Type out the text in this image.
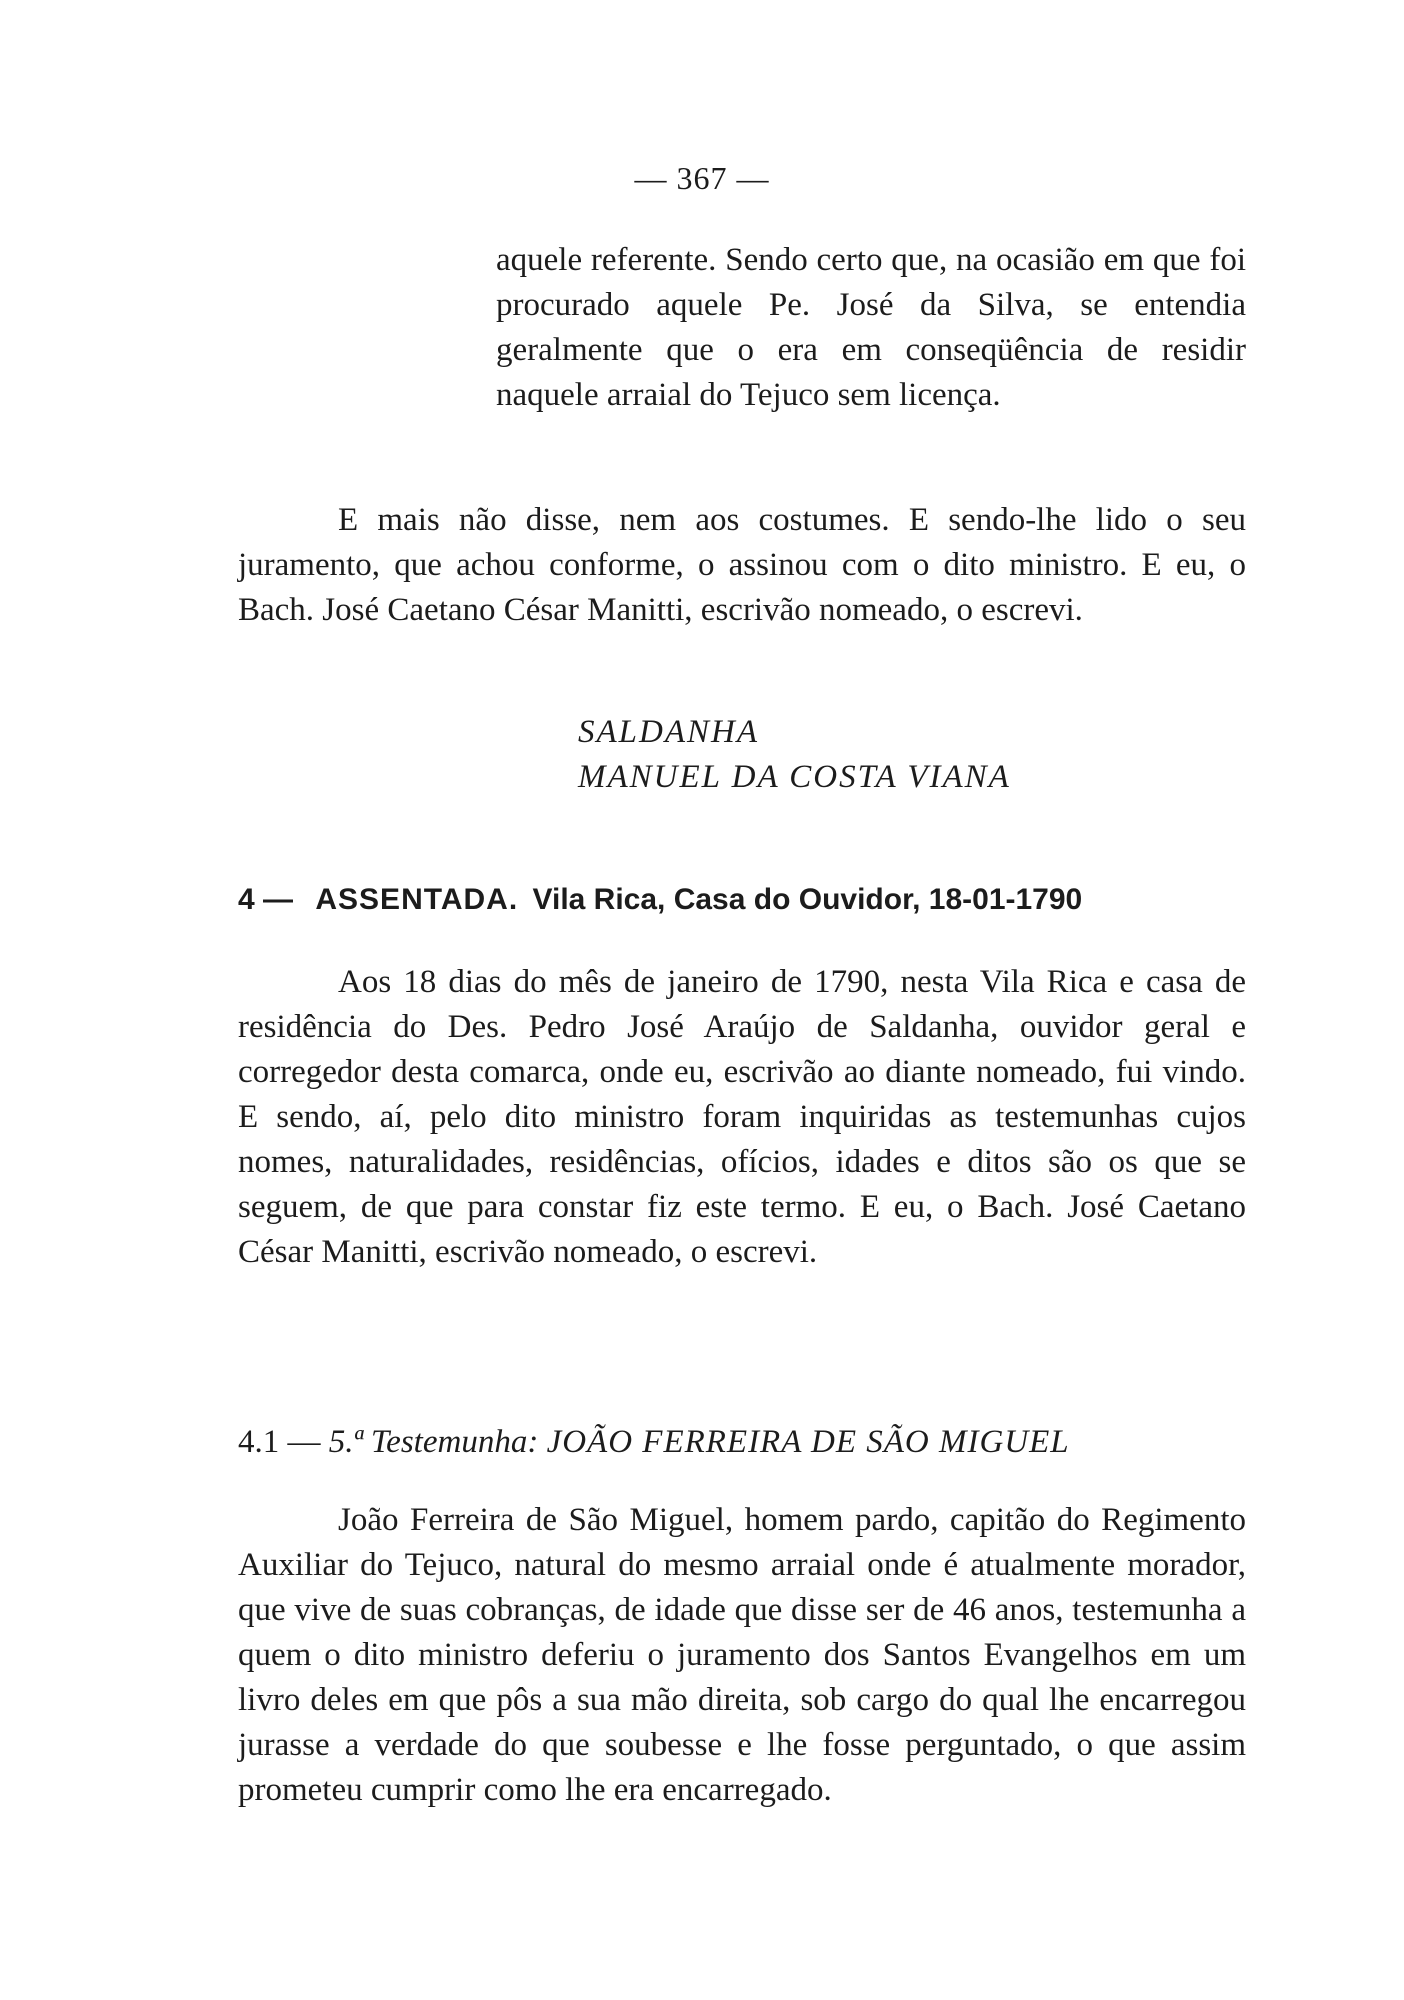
— 367 —

aquele referente. Sendo certo que, na ocasião em que foi procurado aquele Pe. José da Silva, se entendia geralmente que o era em conseqüência de residir naquele arraial do Tejuco sem licença.

E mais não disse, nem aos costumes. E sendo-lhe lido o seu juramento, que achou conforme, o assinou com o dito ministro. E eu, o Bach. José Caetano César Manitti, escrivão nomeado, o escrevi.

SALDANHA
MANUEL DA COSTA VIANA
4 — ASSENTADA. Vila Rica, Casa do Ouvidor, 18-01-1790

Aos 18 dias do mês de janeiro de 1790, nesta Vila Rica e casa de residência do Des. Pedro José Araújo de Saldanha, ouvidor geral e corregedor desta comarca, onde eu, escrivão ao diante nomeado, fui vindo. E sendo, aí, pelo dito ministro foram inquiridas as testemunhas cujos nomes, naturalidades, residências, ofícios, idades e ditos são os que se seguem, de que para constar fiz este termo. E eu, o Bach. José Caetano César Manitti, escrivão nomeado, o escrevi.

4.1 — 5.ª Testemunha: JOÃO FERREIRA DE SÃO MIGUEL

João Ferreira de São Miguel, homem pardo, capitão do Regimento Auxiliar do Tejuco, natural do mesmo arraial onde é atualmente morador, que vive de suas cobranças, de idade que disse ser de 46 anos, testemunha a quem o dito ministro deferiu o juramento dos Santos Evangelhos em um livro deles em que pôs a sua mão direita, sob cargo do qual lhe encarregou jurasse a verdade do que soubesse e lhe fosse perguntado, o que assim prometeu cumprir como lhe era encarregado.
